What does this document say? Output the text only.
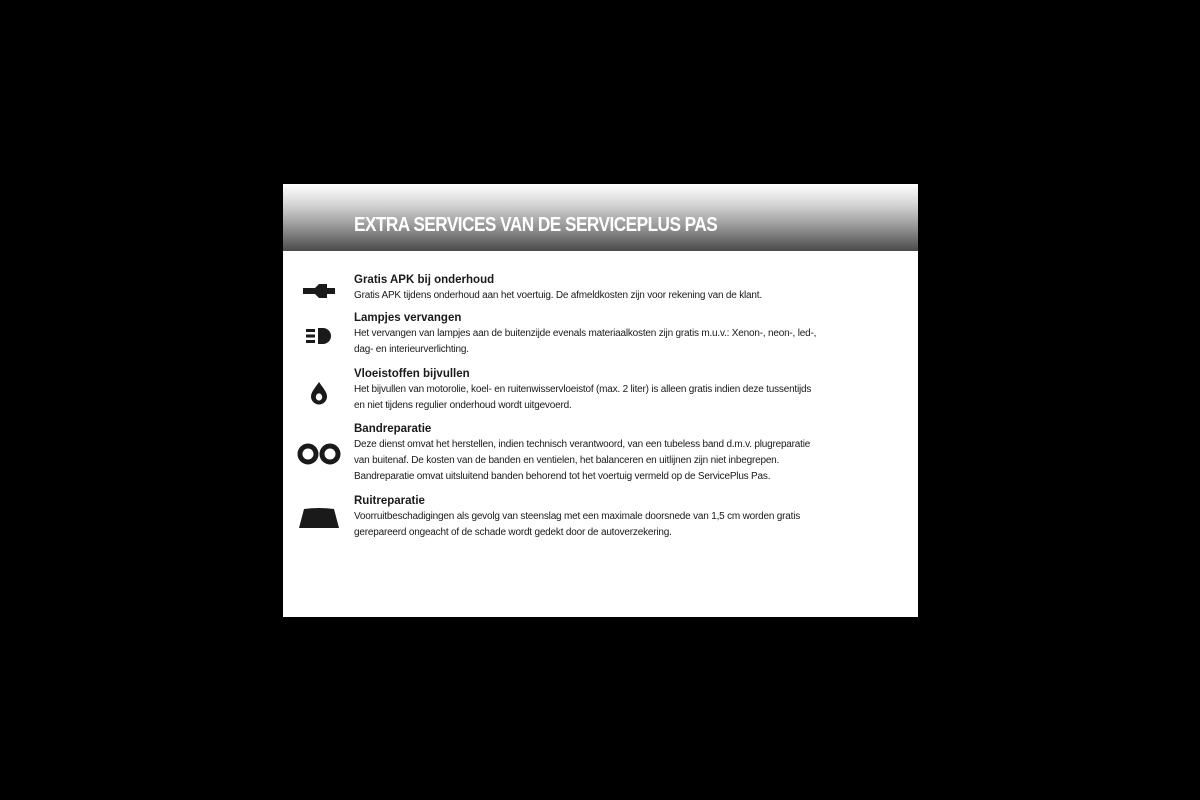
EXTRA SERVICES VAN DE SERVICEPLUS PAS
Gratis APK bij onderhoud
Gratis APK tijdens onderhoud aan het voertuig. De afmeldkosten zijn voor rekening van de klant.
Lampjes vervangen
Het vervangen van lampjes aan de buitenzijde evenals materiaalkosten zijn gratis m.u.v.: Xenon-, neon-, led-,
dag- en interieurverlichting.
Vloeistoffen bijvullen
Het bijvullen van motorolie, koel- en ruitenwisservloeistof (max. 2 liter) is alleen gratis indien deze tussentijds
en niet tijdens regulier onderhoud wordt uitgevoerd.
Bandreparatie
Deze dienst omvat het herstellen, indien technisch verantwoord, van een tubeless band d.m.v. plugreparatie
van buitenaf. De kosten van de banden en ventielen, het balanceren en uitlijnen zijn niet inbegrepen.
Bandreparatie omvat uitsluitend banden behorend tot het voertuig vermeld op de ServicePlus Pas.
Ruitreparatie
Voorruitbeschadigingen als gevolg van steenslag met een maximale doorsnede van 1,5 cm worden gratis
gerepareerd ongeacht of de schade wordt gedekt door de autoverzekering.
